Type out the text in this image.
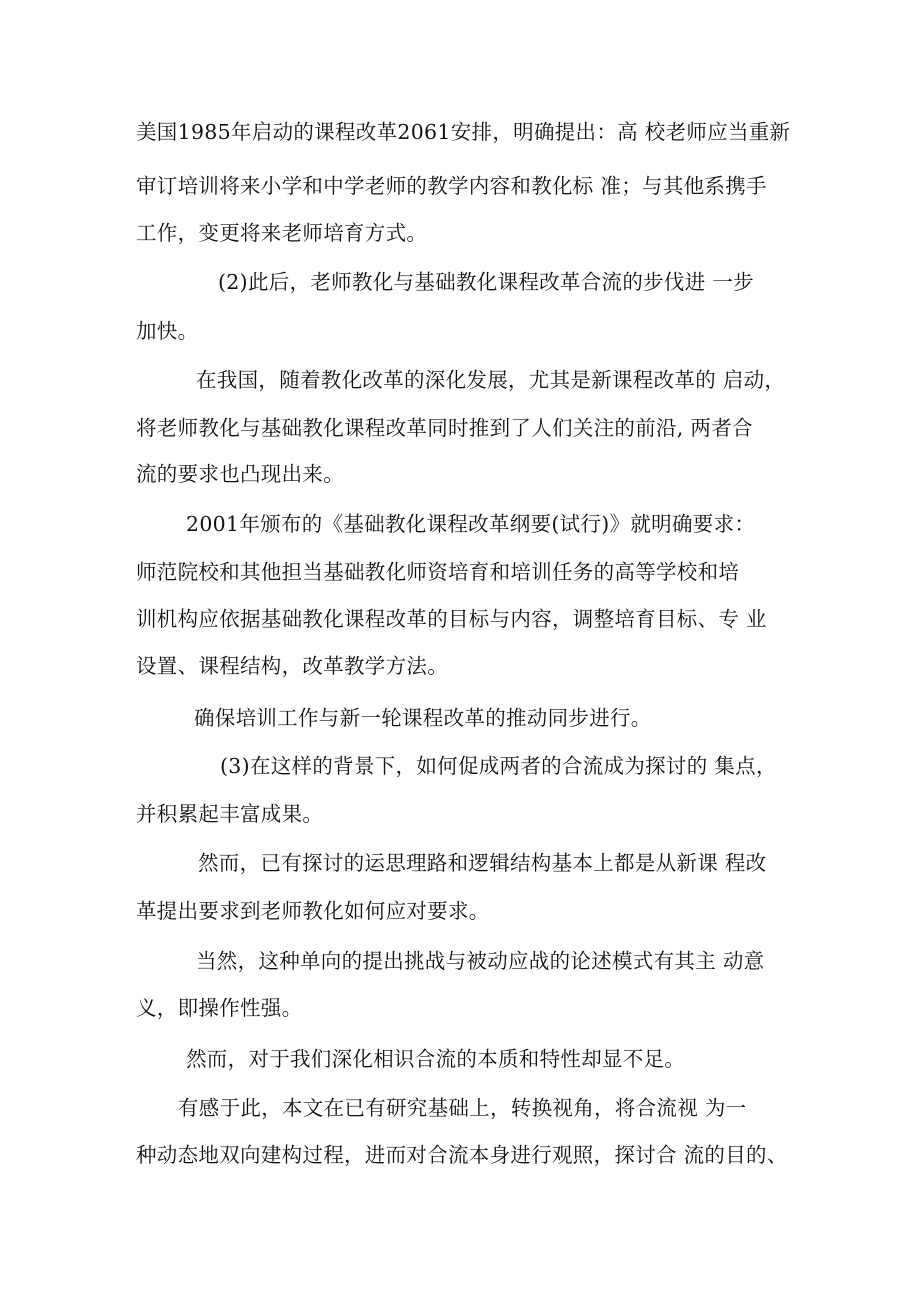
美国1985年启动的课程改革2061安排，明确提出：高 校老师应当重新
审订培训将来小学和中学老师的教学内容和教化标 准；与其他系携手
工作，变更将来老师培育方式。
(2)此后，老师教化与基础教化课程改革合流的步伐进 一步
加快。
在我国，随着教化改革的深化发展，尤其是新课程改革的 启动，
将老师教化与基础教化课程改革同时推到了人们关注的前沿, 两者合
流的要求也凸现出来。
2001年颁布的《基础教化课程改革纲要(试行)》就明确要求：
师范院校和其他担当基础教化师资培育和培训任务的高等学校和培
训机构应依据基础教化课程改革的目标与内容，调整培育目标、专 业
设置、课程结构，改革教学方法。
确保培训工作与新一轮课程改革的推动同步进行。
(3)在这样的背景下，如何促成两者的合流成为探讨的 集点，
并积累起丰富成果。
然而，已有探讨的运思理路和逻辑结构基本上都是从新课 程改
革提出要求到老师教化如何应对要求。
当然，这种单向的提出挑战与被动应战的论述模式有其主 动意
义，即操作性强。
然而，对于我们深化相识合流的本质和特性却显不足。
有感于此，本文在已有研究基础上，转换视角，将合流视 为一
种动态地双向建构过程，进而对合流本身进行观照，探讨合 流的目的、
